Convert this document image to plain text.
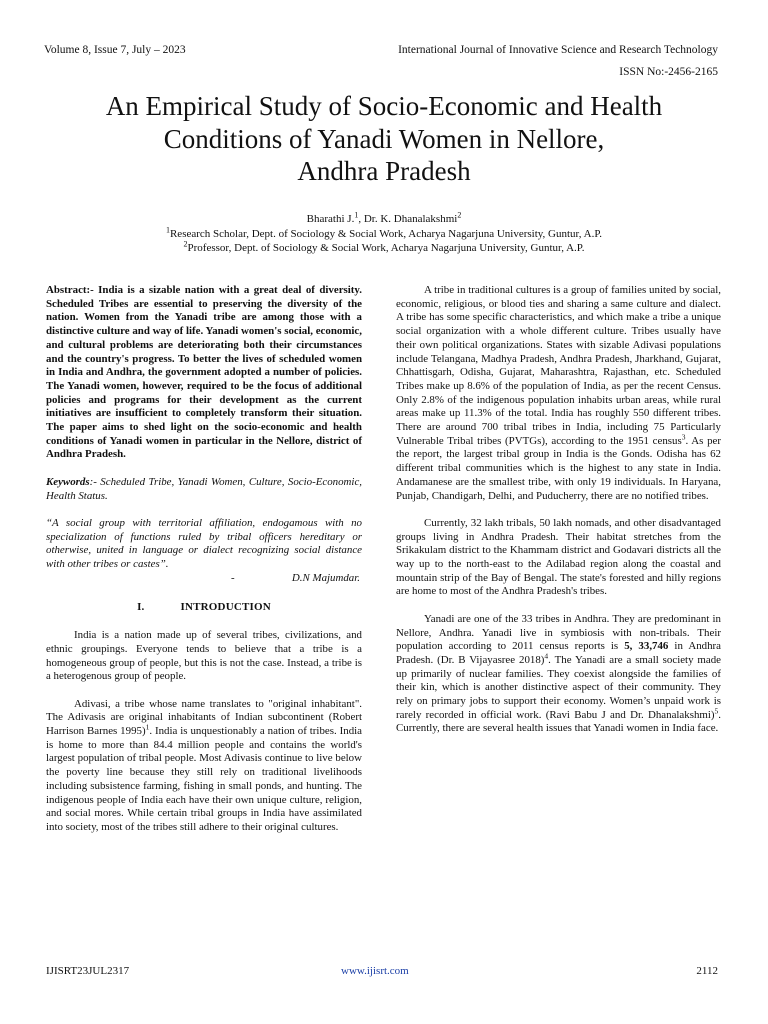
Volume 8, Issue 7, July – 2023	International Journal of Innovative Science and Research Technology
ISSN No:-2456-2165
An Empirical Study of Socio-Economic and Health
Conditions of Yanadi Women in Nellore,
Andhra Pradesh
Bharathi J.$^1$, Dr. K. Dhanalakshmi$^2$
$^1$Research Scholar, Dept. of Sociology & Social Work, Acharya Nagarjuna University, Guntur, A.P.
$^2$Professor, Dept. of Sociology & Social Work, Acharya Nagarjuna University, Guntur, A.P.

Abstract:- India is a sizable nation with a great deal of diversity. Scheduled Tribes are essential to preserving the diversity of the nation. Women from the Yanadi tribe are among those with a distinctive culture and way of life. Yanadi women's social, economic, and cultural problems are deteriorating both their circumstances and the country's progress. To better the lives of scheduled women in India and Andhra, the government adopted a number of policies. The Yanadi women, however, required to be the focus of additional policies and programs for their development as the current initiatives are insufficient to completely transform their situation. The paper aims to shed light on the socio-economic and health conditions of Yanadi women in particular in the Nellore, district of Andhra Pradesh.

Keywords:- Scheduled Tribe, Yanadi Women, Culture, Socio-Economic, Health Status.

“A social group with territorial affiliation, endogamous with no specialization of functions ruled by tribal officers hereditary or otherwise, united in language or dialect recognizing social distance with other tribes or castes”.

-	D.N Majumdar.
I.	INTRODUCTION

India is a nation made up of several tribes, civilizations, and ethnic groupings. Everyone tends to believe that a tribe is a homogeneous group of people, but this is not the case. Instead, a tribe is a heterogenous group of people.

Adivasi, a tribe whose name translates to "original inhabitant". The Adivasis are original inhabitants of Indian subcontinent (Robert Harrison Barnes 1995)$^1$. India is unquestionably a nation of tribes. India is home to more than 84.4 million people and contains the world's largest population of tribal people. Most Adivasis continue to live below the poverty line because they still rely on traditional livelihoods including subsistence farming, fishing in small ponds, and hunting. The indigenous people of India each have their own unique culture, religion, and social mores. While certain tribal groups in India have assimilated into society, most of the tribes still adhere to their original cultures.

A tribe in traditional cultures is a group of families united by social, economic, religious, or blood ties and sharing a same culture and dialect. A tribe has some specific characteristics, and which make a tribe a unique social organization with a whole different culture. Tribes usually have their own political organizations. States with sizable Adivasi populations include Telangana, Madhya Pradesh, Andhra Pradesh, Jharkhand, Gujarat, Chhattisgarh, Odisha, Gujarat, Maharashtra, Rajasthan, etc. Scheduled Tribes make up 8.6% of the population of India, as per the recent Census. Only 2.8% of the indigenous population inhabits urban areas, while rural areas make up 11.3% of the total. India has roughly 550 different tribes. There are around 700 tribal tribes in India, including 75 Particularly Vulnerable Tribal tribes (PVTGs), according to the 1951 census$^3$. As per the report, the largest tribal group in India is the Gonds. Odisha has 62 different tribal communities which is the highest to any state in India. Andamanese are the smallest tribe, with only 19 individuals. In Haryana, Punjab, Chandigarh, Delhi, and Puducherry, there are no notified tribes.

Currently, 32 lakh tribals, 50 lakh nomads, and other disadvantaged groups living in Andhra Pradesh. Their habitat stretches from the Srikakulam district to the Khammam district and Godavari districts all the way up to the north-east to the Adilabad region along the coastal and mountain strip of the Bay of Bengal. The state's forested and hilly regions are home to most of the Andhra Pradesh's tribes.

Yanadi are one of the 33 tribes in Andhra. They are predominant in Nellore, Andhra. Yanadi live in symbiosis with non-tribals. Their population according to 2011 census reports is 5, 33,746 in Andhra Pradesh. (Dr. B Vijayasree 2018)$^4$. The Yanadi are a small society made up primarily of nuclear families. They coexist alongside the families of their kin, which is another distinctive aspect of their community. They rely on primary jobs to support their economy. Women’s unpaid work is rarely recorded in official work. (Ravi Babu J and Dr. Dhanalakshmi)$^5$. Currently, there are several health issues that Yanadi women in India face.

IJISRT23JUL2317	www.ijisrt.com	2112
